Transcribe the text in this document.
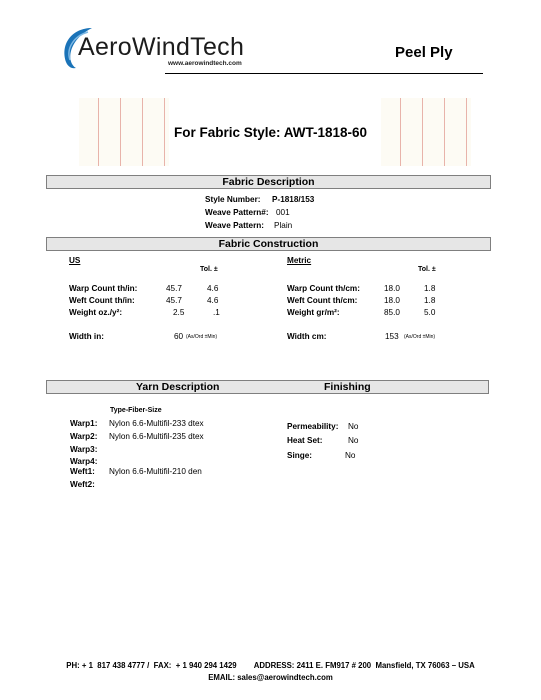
AeroWindTech
www.aerowindtech.com
Peel Ply
For Fabric Style: AWT-1818-60
Fabric Description
Style Number: P-1818/153
Weave Pattern#: 001
Weave Pattern: Plain
Fabric Construction
US
Tol. ±
Warp Count th/in:	45.7	4.6
Weft Count th/in:	45.7	4.6
Weight oz./y²:	2.5	.1
Width in:	60 (As/Ord ±Min)
Metric
Tol. ±
Warp Count th/cm:	18.0	1.8
Weft Count th/cm:	18.0	1.8
Weight gr/m²:	85.0	5.0
Width cm:	153 (As/Ord ±Min)
Yarn Description	Finishing
Type-Fiber-Size
Warp1: Nylon 6.6-Multifil-233 dtex
Warp2: Nylon 6.6-Multifil-235 dtex
Warp3:
Warp4:
Weft1: Nylon 6.6-Multifil-210 den
Weft2:
Permeability: No
Heat Set:	No
Singe:	No
PH: + 1  817 438 4777 /  FAX:  + 1 940 294 1429        ADDRESS: 2411 E. FM917 # 200  Mansfield, TX 76063 – USA
EMAIL: sales@aerowindtech.com
